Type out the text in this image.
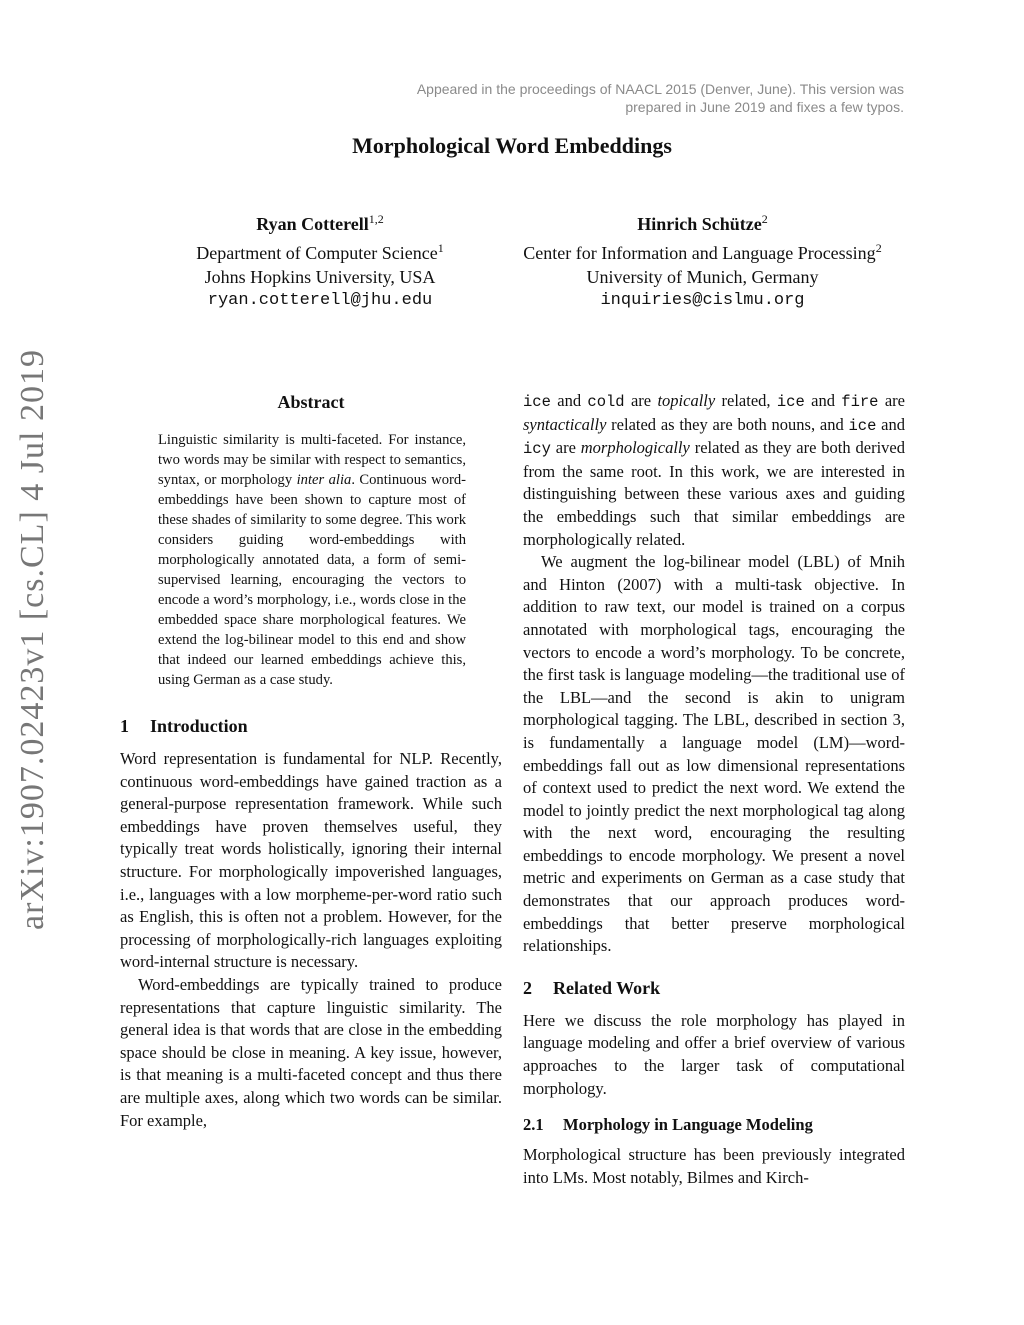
Appeared in the proceedings of NAACL 2015 (Denver, June). This version was
prepared in June 2019 and fixes a few typos.
Morphological Word Embeddings
Ryan Cotterell$^{1,2}$
Department of Computer Science$^1$
Johns Hopkins University, USA
ryan.cotterell@jhu.edu
Hinrich Schütze$^2$
Center for Information and Language Processing$^2$
University of Munich, Germany
inquiries@cislmu.org
arXiv:1907.02423v1 [cs.CL] 4 Jul 2019	Abstract
Linguistic similarity is multi-faceted. For instance, two words may be similar with respect to semantics, syntax, or morphology inter alia. Continuous word-embeddings have been shown to capture most of these shades of similarity to some degree. This work considers guiding word-embeddings with morphologically annotated data, a form of semi-supervised learning, encouraging the vectors to encode a word’s morphology, i.e., words close in the embedded space share morphological features. We extend the log-bilinear model to this end and show that indeed our learned embeddings achieve this, using German as a case study.
1 Introduction

Word representation is fundamental for NLP. Recently, continuous word-embeddings have gained traction as a general-purpose representation framework. While such embeddings have proven themselves useful, they typically treat words holistically, ignoring their internal structure. For morphologically impoverished languages, i.e., languages with a low morpheme-per-word ratio such as English, this is often not a problem. However, for the processing of morphologically-rich languages exploiting word-internal structure is necessary.

Word-embeddings are typically trained to produce representations that capture linguistic similarity. The general idea is that words that are close in the embedding space should be close in meaning. A key issue, however, is that meaning is a multi-faceted concept and thus there are multiple axes, along which two words can be similar. For example,

ice and cold are topically related, ice and fire are syntactically related as they are both nouns, and ice and icy are morphologically related as they are both derived from the same root. In this work, we are interested in distinguishing between these various axes and guiding the embeddings such that similar embeddings are morphologically related.

We augment the log-bilinear model (LBL) of Mnih and Hinton (2007) with a multi-task objective. In addition to raw text, our model is trained on a corpus annotated with morphological tags, encouraging the vectors to encode a word’s morphology. To be concrete, the first task is language modeling—the traditional use of the LBL—and the second is akin to unigram morphological tagging. The LBL, described in section 3, is fundamentally a language model (LM)—word-embeddings fall out as low dimensional representations of context used to predict the next word. We extend the model to jointly predict the next morphological tag along with the next word, encouraging the resulting embeddings to encode morphology. We present a novel metric and experiments on German as a case study that demonstrates that our approach produces word-embeddings that better preserve morphological relationships.

2 Related Work

Here we discuss the role morphology has played in language modeling and offer a brief overview of various approaches to the larger task of computational morphology.

2.1 Morphology in Language Modeling

Morphological structure has been previously integrated into LMs. Most notably, Bilmes and Kirch-
